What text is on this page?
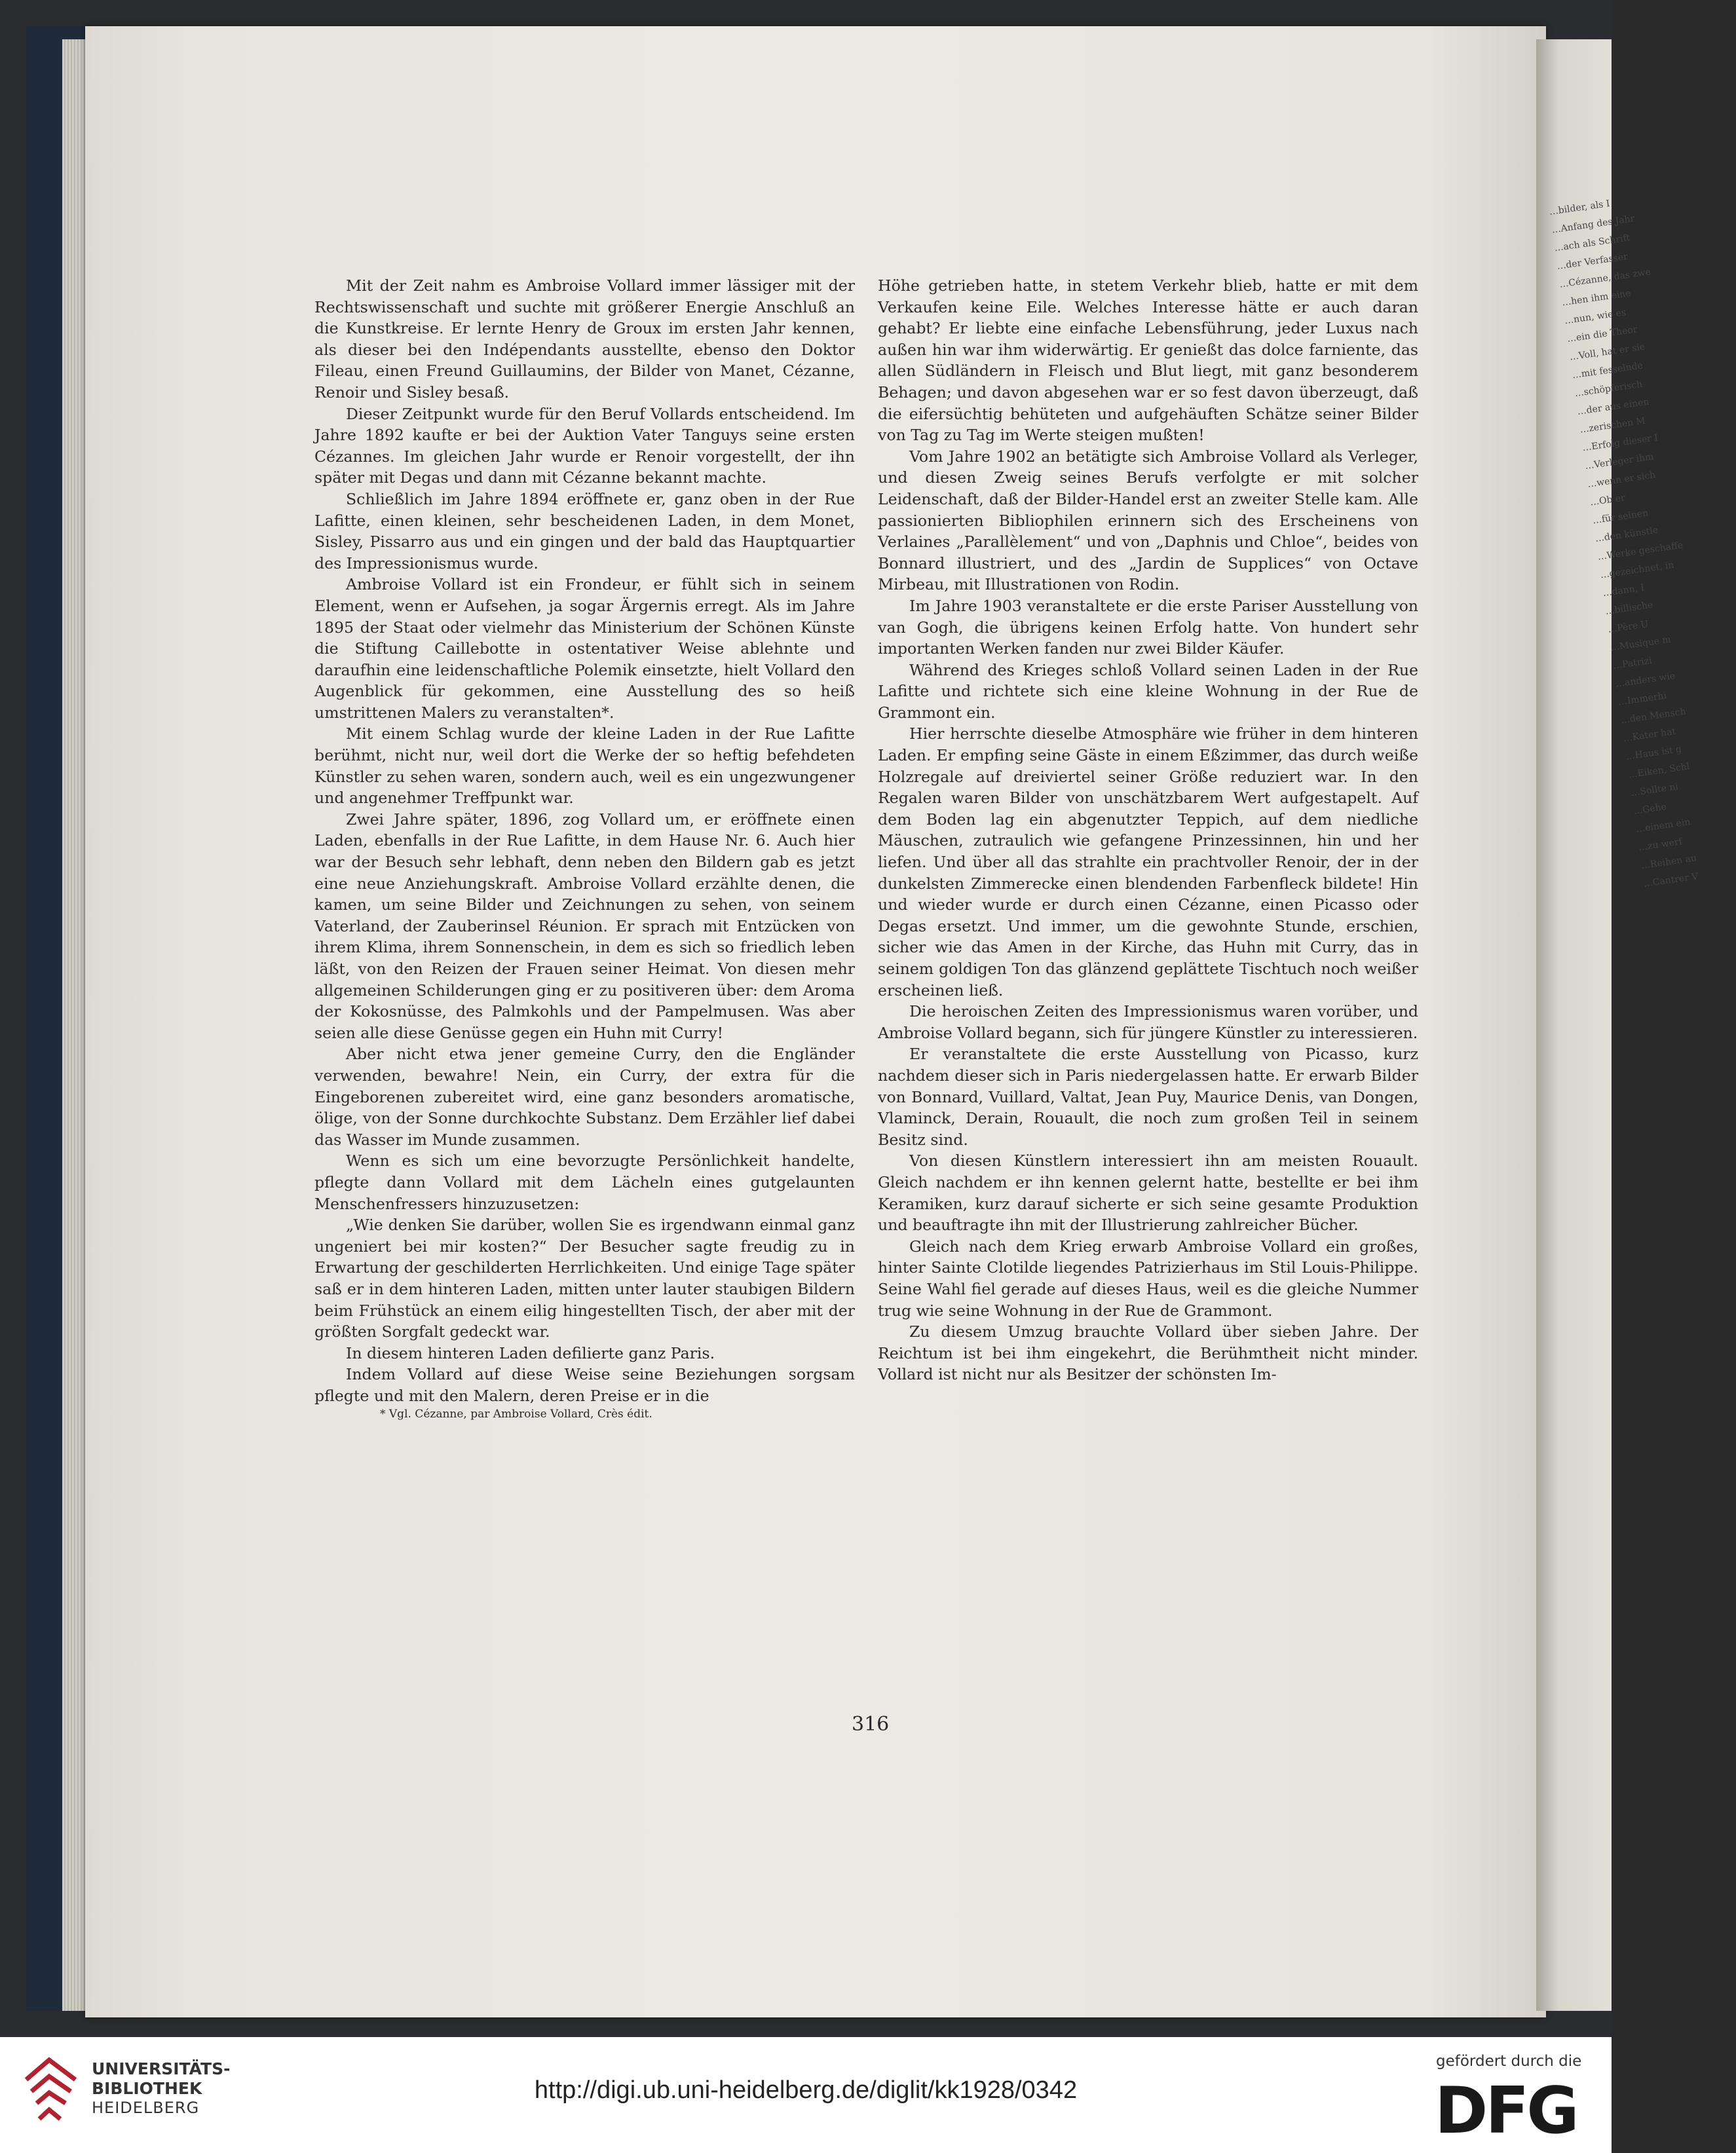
…bilder, als I
…Anfang des Jahr
…ach als Schrift
…der Verfasser
…Cézanne, das zwe
…hen ihm eine
…nun, wie es
…ein die Theor
…Voll, hat er sie
…mit fesselnde
…schöpferisch
…der aus einen
…zerischen M
…Erfolg dieser I
…Verleger ihm
…wenn er sich
…Ob er
…für seinen
…den künstle
…Werke geschaffe
…gezeichnet, in
…dann, I
…billische
…Père U
…Musique m
…Patrizi
…anders wie
…Immerhi
…den Mensch
…Kater hat
…Haus ist g
…Eiken, Schl
…Sollte ni
…Gehe
…einem ein
…zu werf
…Reihen au
…Cantrer V

Mit der Zeit nahm es Ambroise Vollard immer lässiger mit der Rechtswissenschaft und suchte mit größerer Energie Anschluß an die Kunstkreise. Er lernte Henry de Groux im ersten Jahr kennen, als dieser bei den Indépendants ausstellte, ebenso den Doktor Fileau, einen Freund Guillaumins, der Bilder von Manet, Cézanne, Renoir und Sisley besaß.

Dieser Zeitpunkt wurde für den Beruf Vollards entscheidend. Im Jahre 1892 kaufte er bei der Auktion Vater Tanguys seine ersten Cézannes. Im gleichen Jahr wurde er Renoir vorgestellt, der ihn später mit Degas und dann mit Cézanne bekannt machte.

Schließlich im Jahre 1894 eröffnete er, ganz oben in der Rue Lafitte, einen kleinen, sehr bescheidenen Laden, in dem Monet, Sisley, Pissarro aus und ein gingen und der bald das Hauptquartier des Impressionismus wurde.

Ambroise Vollard ist ein Frondeur, er fühlt sich in seinem Element, wenn er Aufsehen, ja sogar Ärgernis erregt. Als im Jahre 1895 der Staat oder vielmehr das Ministerium der Schönen Künste die Stiftung Caillebotte in ostentativer Weise ablehnte und daraufhin eine leidenschaftliche Polemik einsetzte, hielt Vollard den Augenblick für gekommen, eine Ausstellung des so heiß umstrittenen Malers zu veranstalten*.

Mit einem Schlag wurde der kleine Laden in der Rue Lafitte berühmt, nicht nur, weil dort die Werke der so heftig befehdeten Künstler zu sehen waren, sondern auch, weil es ein ungezwungener und angenehmer Treffpunkt war.

Zwei Jahre später, 1896, zog Vollard um, er eröffnete einen Laden, ebenfalls in der Rue Lafitte, in dem Hause Nr. 6. Auch hier war der Besuch sehr lebhaft, denn neben den Bildern gab es jetzt eine neue Anziehungskraft. Ambroise Vollard erzählte denen, die kamen, um seine Bilder und Zeichnungen zu sehen, von seinem Vaterland, der Zauberinsel Réunion. Er sprach mit Entzücken von ihrem Klima, ihrem Sonnenschein, in dem es sich so friedlich leben läßt, von den Reizen der Frauen seiner Heimat. Von diesen mehr allgemeinen Schilderungen ging er zu positiveren über: dem Aroma der Kokosnüsse, des Palmkohls und der Pampelmusen. Was aber seien alle diese Genüsse gegen ein Huhn mit Curry!

Aber nicht etwa jener gemeine Curry, den die Engländer verwenden, bewahre! Nein, ein Curry, der extra für die Eingeborenen zubereitet wird, eine ganz besonders aromatische, ölige, von der Sonne durchkochte Substanz. Dem Erzähler lief dabei das Wasser im Munde zusammen.

Wenn es sich um eine bevorzugte Persönlichkeit handelte, pflegte dann Vollard mit dem Lächeln eines gutgelaunten Menschenfressers hinzuzusetzen:

„Wie denken Sie darüber, wollen Sie es irgendwann einmal ganz ungeniert bei mir kosten?“ Der Besucher sagte freudig zu in Erwartung der geschilderten Herrlichkeiten. Und einige Tage später saß er in dem hinteren Laden, mitten unter lauter staubigen Bildern beim Frühstück an einem eilig hingestellten Tisch, der aber mit der größten Sorgfalt gedeckt war.

In diesem hinteren Laden defilierte ganz Paris.

Indem Vollard auf diese Weise seine Beziehungen sorgsam pflegte und mit den Malern, deren Preise er in die

* Vgl. Cézanne, par Ambroise Vollard, Crès édit.

Höhe getrieben hatte, in stetem Verkehr blieb, hatte er mit dem Verkaufen keine Eile. Welches Interesse hätte er auch daran gehabt? Er liebte eine einfache Lebensführung, jeder Luxus nach außen hin war ihm widerwärtig. Er genießt das dolce farniente, das allen Südländern in Fleisch und Blut liegt, mit ganz besonderem Behagen; und davon abgesehen war er so fest davon überzeugt, daß die eifersüchtig behüteten und aufgehäuften Schätze seiner Bilder von Tag zu Tag im Werte steigen mußten!

Vom Jahre 1902 an betätigte sich Ambroise Vollard als Verleger, und diesen Zweig seines Berufs verfolgte er mit solcher Leidenschaft, daß der Bilder-Handel erst an zweiter Stelle kam. Alle passionierten Bibliophilen erinnern sich des Erscheinens von Verlaines „Parallèlement“ und von „Daphnis und Chloe“, beides von Bonnard illustriert, und des „Jardin de Supplices“ von Octave Mirbeau, mit Illustrationen von Rodin.

Im Jahre 1903 veranstaltete er die erste Pariser Ausstellung von van Gogh, die übrigens keinen Erfolg hatte. Von hundert sehr importanten Werken fanden nur zwei Bilder Käufer.

Während des Krieges schloß Vollard seinen Laden in der Rue Lafitte und richtete sich eine kleine Wohnung in der Rue de Grammont ein.

Hier herrschte dieselbe Atmosphäre wie früher in dem hinteren Laden. Er empfing seine Gäste in einem Eßzimmer, das durch weiße Holzregale auf dreiviertel seiner Größe reduziert war. In den Regalen waren Bilder von unschätzbarem Wert aufgestapelt. Auf dem Boden lag ein abgenutzter Teppich, auf dem niedliche Mäuschen, zutraulich wie gefangene Prinzessinnen, hin und her liefen. Und über all das strahlte ein prachtvoller Renoir, der in der dunkelsten Zimmerecke einen blendenden Farbenfleck bildete! Hin und wieder wurde er durch einen Cézanne, einen Picasso oder Degas ersetzt. Und immer, um die gewohnte Stunde, erschien, sicher wie das Amen in der Kirche, das Huhn mit Curry, das in seinem goldigen Ton das glänzend geplättete Tischtuch noch weißer erscheinen ließ.

Die heroischen Zeiten des Impressionismus waren vorüber, und Ambroise Vollard begann, sich für jüngere Künstler zu interessieren.

Er veranstaltete die erste Ausstellung von Picasso, kurz nachdem dieser sich in Paris niedergelassen hatte. Er erwarb Bilder von Bonnard, Vuillard, Valtat, Jean Puy, Maurice Denis, van Dongen, Vlaminck, Derain, Rouault, die noch zum großen Teil in seinem Besitz sind.

Von diesen Künstlern interessiert ihn am meisten Rouault. Gleich nachdem er ihn kennen gelernt hatte, bestellte er bei ihm Keramiken, kurz darauf sicherte er sich seine gesamte Produktion und beauftragte ihn mit der Illustrierung zahlreicher Bücher.

Gleich nach dem Krieg erwarb Ambroise Vollard ein großes, hinter Sainte Clotilde liegendes Patrizierhaus im Stil Louis-Philippe. Seine Wahl fiel gerade auf dieses Haus, weil es die gleiche Nummer trug wie seine Wohnung in der Rue de Grammont.

Zu diesem Umzug brauchte Vollard über sieben Jahre. Der Reichtum ist bei ihm eingekehrt, die Berühmtheit nicht minder. Vollard ist nicht nur als Besitzer der schönsten Im-

316
UNIVERSITÄTS-
BIBLIOTHEK
HEIDELBERG
http://digi.ub.uni-heidelberg.de/diglit/kk1928/0342
gefördert durch die
DFG
